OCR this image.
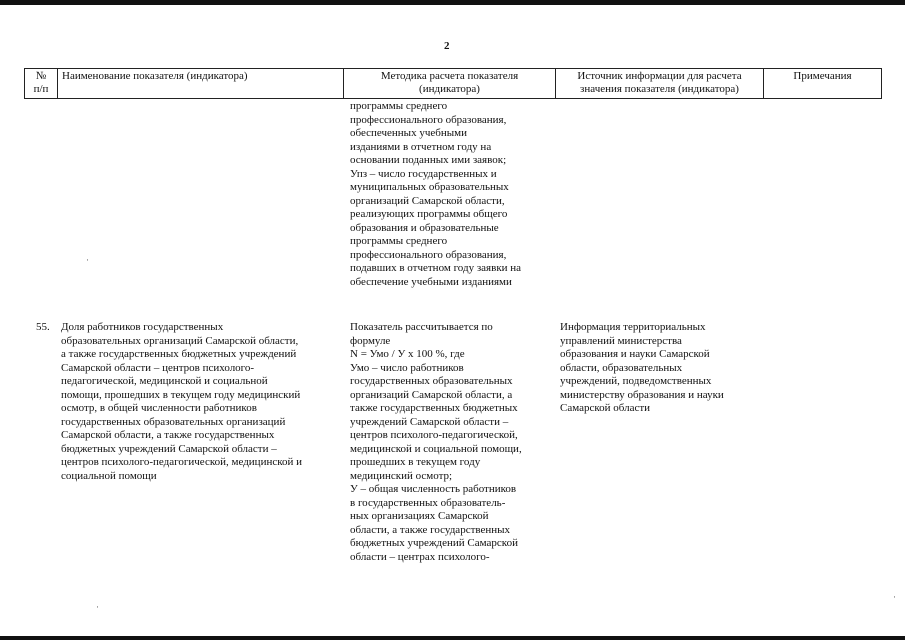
2
№
п/п
Наименование показателя (индикатора)	Методика расчета показателя
(индикатора)
Источник информации для расчета
значения показателя (индикатора)
Примечания
программы среднего
профессионального образования,
обеспеченных учебными
изданиями в отчетном году на
основании поданных ими заявок;
Упз – число государственных и
муниципальных образовательных
организаций Самарской области,
реализующих программы общего
образования и образовательные
программы среднего
профессионального образования,
подавших в отчетном году заявки на
обеспечение учебными изданиями
55. Доля работников государственных
образовательных организаций Самарской области,
а также государственных бюджетных учреждений
Самарской области – центров психолого-
педагогической, медицинской и социальной
помощи, прошедших в текущем году медицинский
осмотр, в общей численности работников
государственных образовательных организаций
Самарской области, а также государственных
бюджетных учреждений Самарской области –
центров психолого-педагогической, медицинской и
социальной помощи
Показатель рассчитывается по
формуле
N = Умо / У х 100 %, где
Умо – число работников
государственных образовательных
организаций Самарской области, а
также государственных бюджетных
учреждений Самарской области –
центров психолого-педагогической,
медицинской и социальной помощи,
прошедших в текущем году
медицинский осмотр;
У – общая численность работников
в государственных образователь-
ных организациях Самарской
области, а также государственных
бюджетных учреждений Самарской
области – центрах психолого-
Информация территориальных
управлений министерства
образования и науки Самарской
области, образовательных
учреждений, подведомственных
министерству образования и науки
Самарской области
·
·
·
